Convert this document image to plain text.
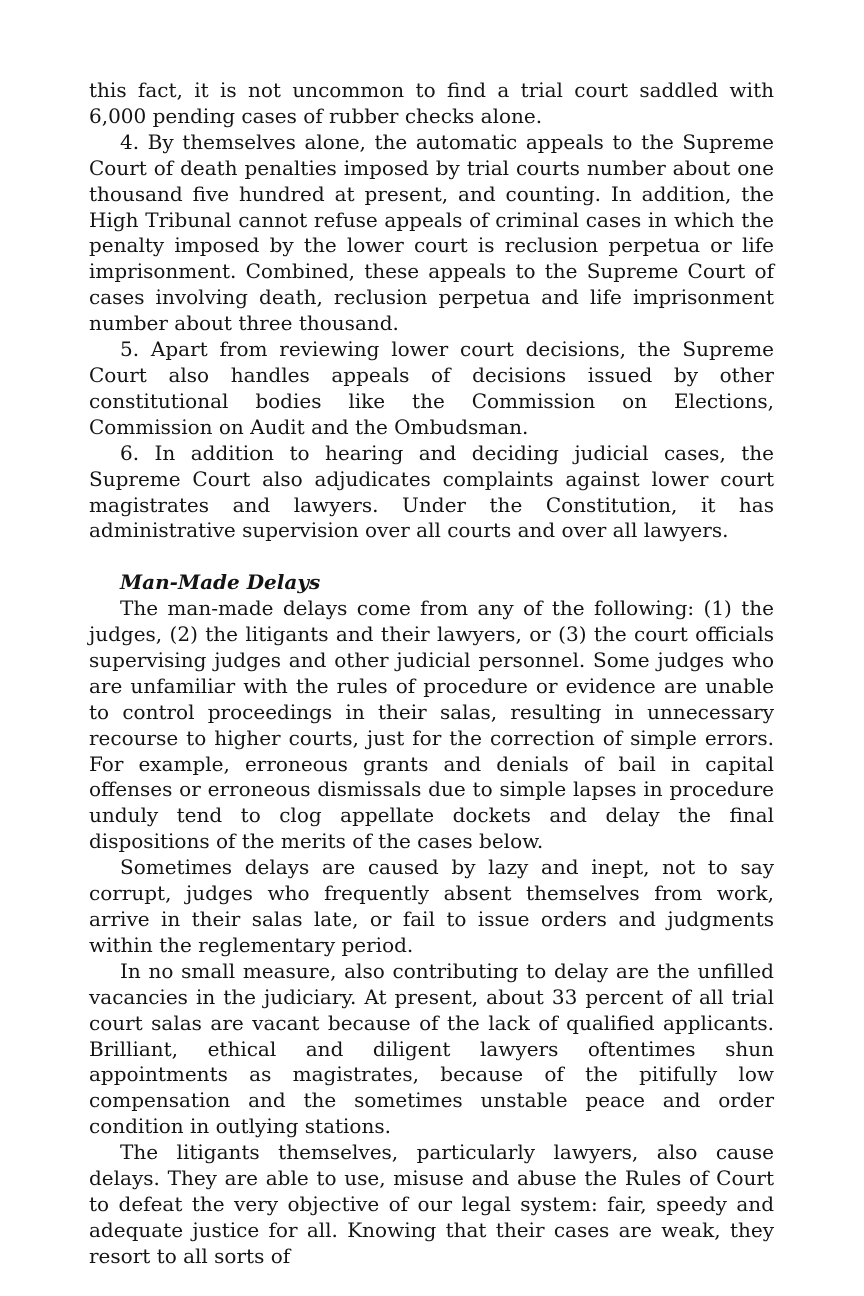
this fact, it is not uncommon to find a trial court saddled with 6,000 pending cases of rubber checks alone.

4. By themselves alone, the automatic appeals to the Supreme Court of death penalties imposed by trial courts number about one thousand five hundred at present, and counting. In addition, the High Tribunal cannot refuse appeals of criminal cases in which the penalty imposed by the lower court is reclusion perpetua or life imprisonment. Combined, these appeals to the Supreme Court of cases involving death, reclusion perpetua and life imprisonment number about three thousand.

5. Apart from reviewing lower court decisions, the Supreme Court also handles appeals of decisions issued by other constitutional bodies like the Commission on Elections, Commission on Audit and the Ombudsman.

6. In addition to hearing and deciding judicial cases, the Supreme Court also adjudicates complaints against lower court magistrates and lawyers. Under the Constitution, it has administrative supervision over all courts and over all lawyers.

Man-Made Delays

The man-made delays come from any of the following: (1) the judges, (2) the litigants and their lawyers, or (3) the court officials supervising judges and other judicial personnel. Some judges who are unfamiliar with the rules of procedure or evidence are unable to control proceedings in their salas, resulting in unnecessary recourse to higher courts, just for the correction of simple errors. For example, erroneous grants and denials of bail in capital offenses or erroneous dismissals due to simple lapses in procedure unduly tend to clog appellate dockets and delay the final dispositions of the merits of the cases below.

Sometimes delays are caused by lazy and inept, not to say corrupt, judges who frequently absent themselves from work, arrive in their salas late, or fail to issue orders and judgments within the reglementary period.

In no small measure, also contributing to delay are the unfilled vacancies in the judiciary. At present, about 33 percent of all trial court salas are vacant because of the lack of qualified applicants. Brilliant, ethical and diligent lawyers oftentimes shun appointments as magistrates, because of the pitifully low compensation and the sometimes unstable peace and order condition in outlying stations.

The litigants themselves, particularly lawyers, also cause delays. They are able to use, misuse and abuse the Rules of Court to defeat the very objective of our legal system: fair, speedy and adequate justice for all. Knowing that their cases are weak, they resort to all sorts of
